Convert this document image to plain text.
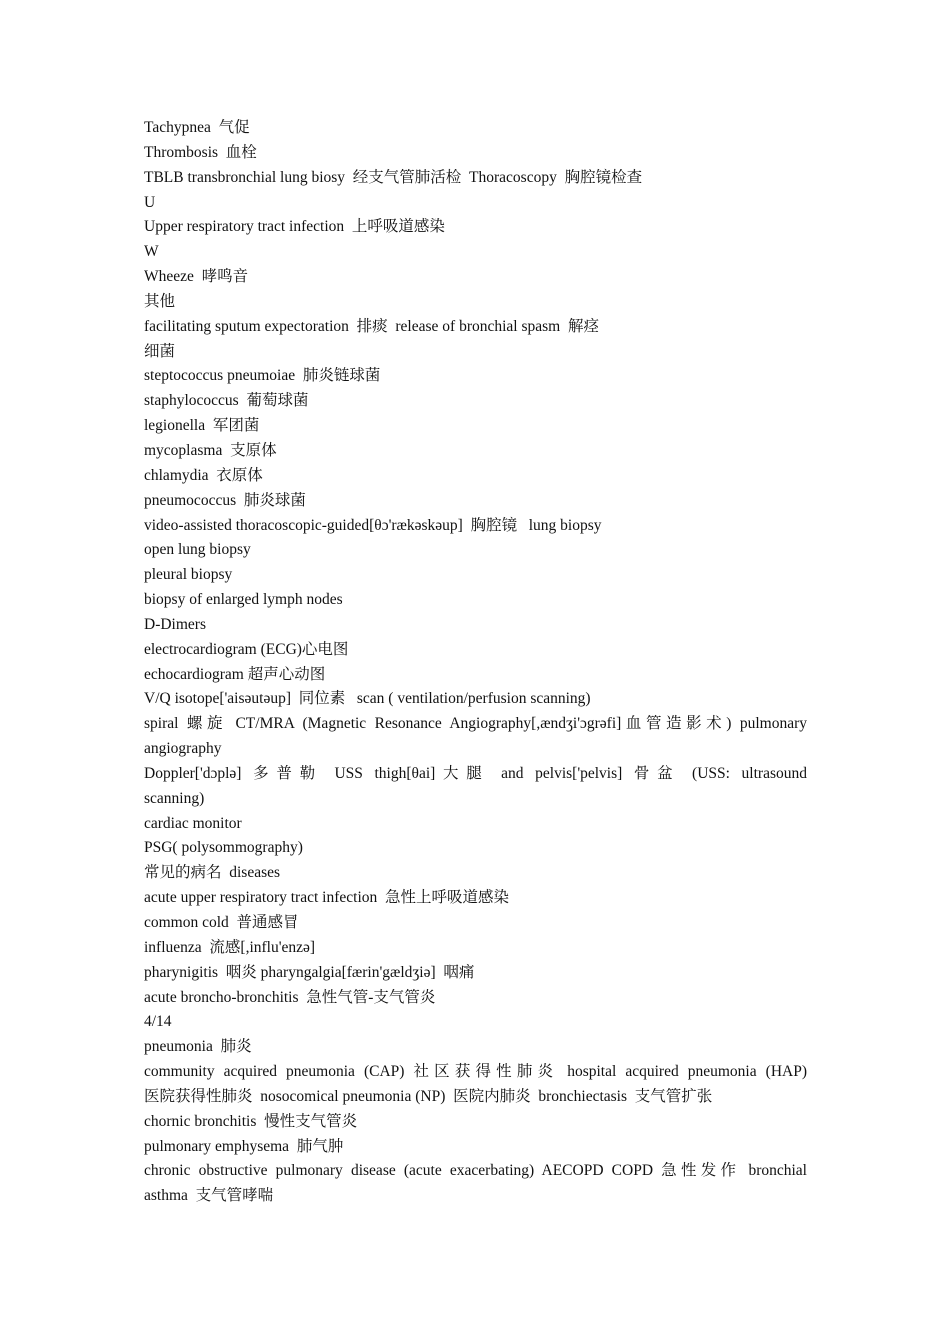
Tachypnea  气促
Thrombosis  血栓
TBLB transbronchial lung biosy  经支气管肺活检  Thoracoscopy  胸腔镜检查
U
Upper respiratory tract infection  上呼吸道感染
W
Wheeze  哮鸣音
其他
facilitating sputum expectoration  排痰  release of bronchial spasm  解痉
细菌
steptococcus pneumoiae  肺炎链球菌
staphylococcus  葡萄球菌
legionella  军团菌
mycoplasma  支原体
chlamydia  衣原体
pneumococcus  肺炎球菌
video-assisted thoracoscopic-guided[θɔ'rækəskəup]  胸腔镜   lung biopsy
open lung biopsy
pleural biopsy
biopsy of enlarged lymph nodes
D-Dimers
electrocardiogram (ECG)心电图
echocardiogram 超声心动图
V/Q isotope['aisəutəup]  同位素   scan ( ventilation/perfusion scanning)
spiral 螺旋 CT/MRA (Magnetic Resonance Angiography[,ændʒi'ɔgrəfi]血管造影术) pulmonary
angiography
Doppler['dɔplə] 多普勒 USS thigh[θai]大腿 and pelvis['pelvis] 骨盆 (USS: ultrasound
scanning)
cardiac monitor
PSG( polysommography)
常见的病名  diseases
acute upper respiratory tract infection  急性上呼吸道感染
common cold  普通感冒
influenza  流感[,influ'enzə]
pharynigitis  咽炎 pharyngalgia[færin'gældʒiə]  咽痛
acute broncho-bronchitis  急性气管-支气管炎
4/14
pneumonia  肺炎
community acquired pneumonia (CAP) 社区获得性肺炎 hospital acquired pneumonia (HAP)
医院获得性肺炎  nosocomical pneumonia (NP)  医院内肺炎  bronchiectasis  支气管扩张
chornic bronchitis  慢性支气管炎
pulmonary emphysema  肺气肿
chronic obstructive pulmonary disease (acute exacerbating) AECOPD COPD 急性发作 bronchial
asthma  支气管哮喘
